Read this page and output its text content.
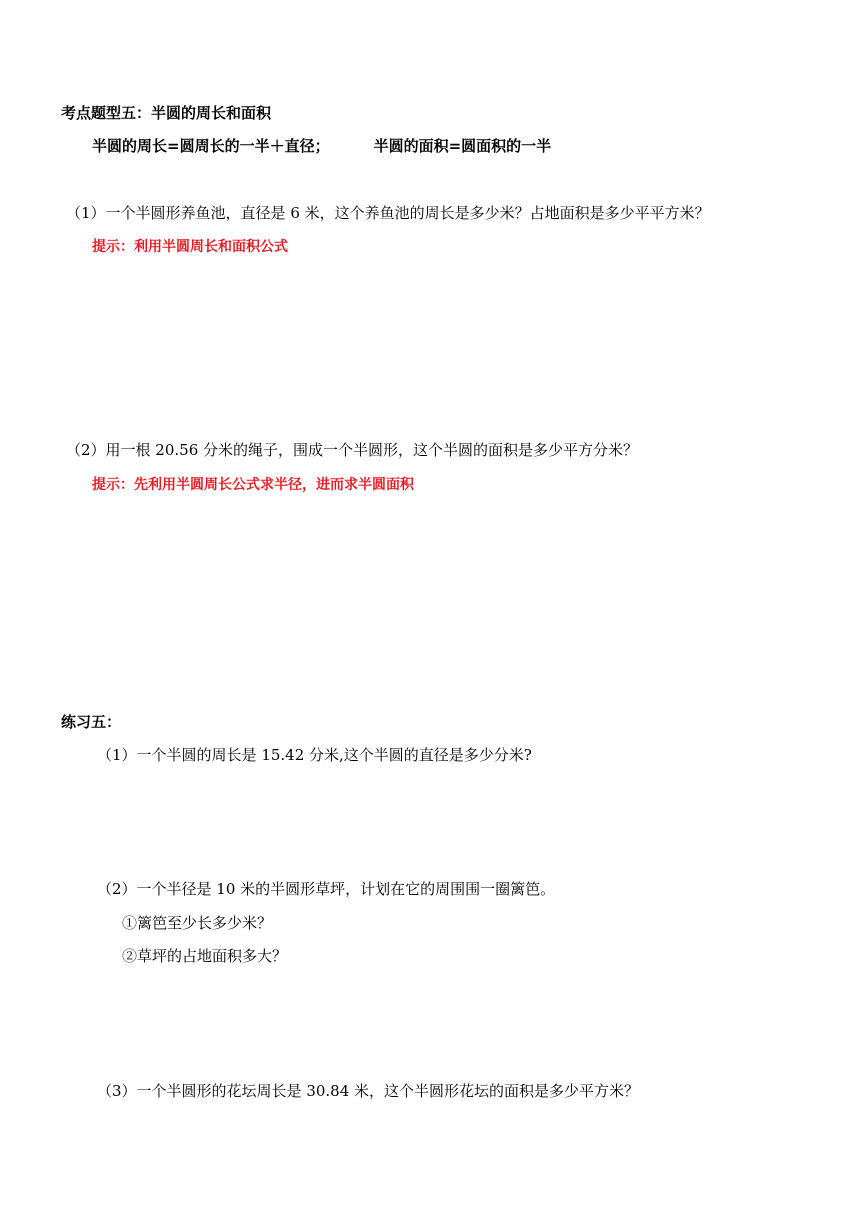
考点题型五：半圆的周长和面积
半圆的周长=圆周长的一半＋直径；	半圆的面积=圆面积的一半
（1）一个半圆形养鱼池，直径是 6 米，这个养鱼池的周长是多少米？占地面积是多少平平方米？
提示：利用半圆周长和面积公式
（2）用一根 20.56 分米的绳子，围成一个半圆形，这个半圆的面积是多少平方分米？
提示：先利用半圆周长公式求半径，进而求半圆面积
练习五：
（1）一个半圆的周长是 15.42 分米,这个半圆的直径是多少分米?
（2）一个半径是 10 米的半圆形草坪，计划在它的周围围一圈篱笆。
①篱笆至少长多少米？
②草坪的占地面积多大？
（3）一个半圆形的花坛周长是 30.84 米，这个半圆形花坛的面积是多少平方米？
